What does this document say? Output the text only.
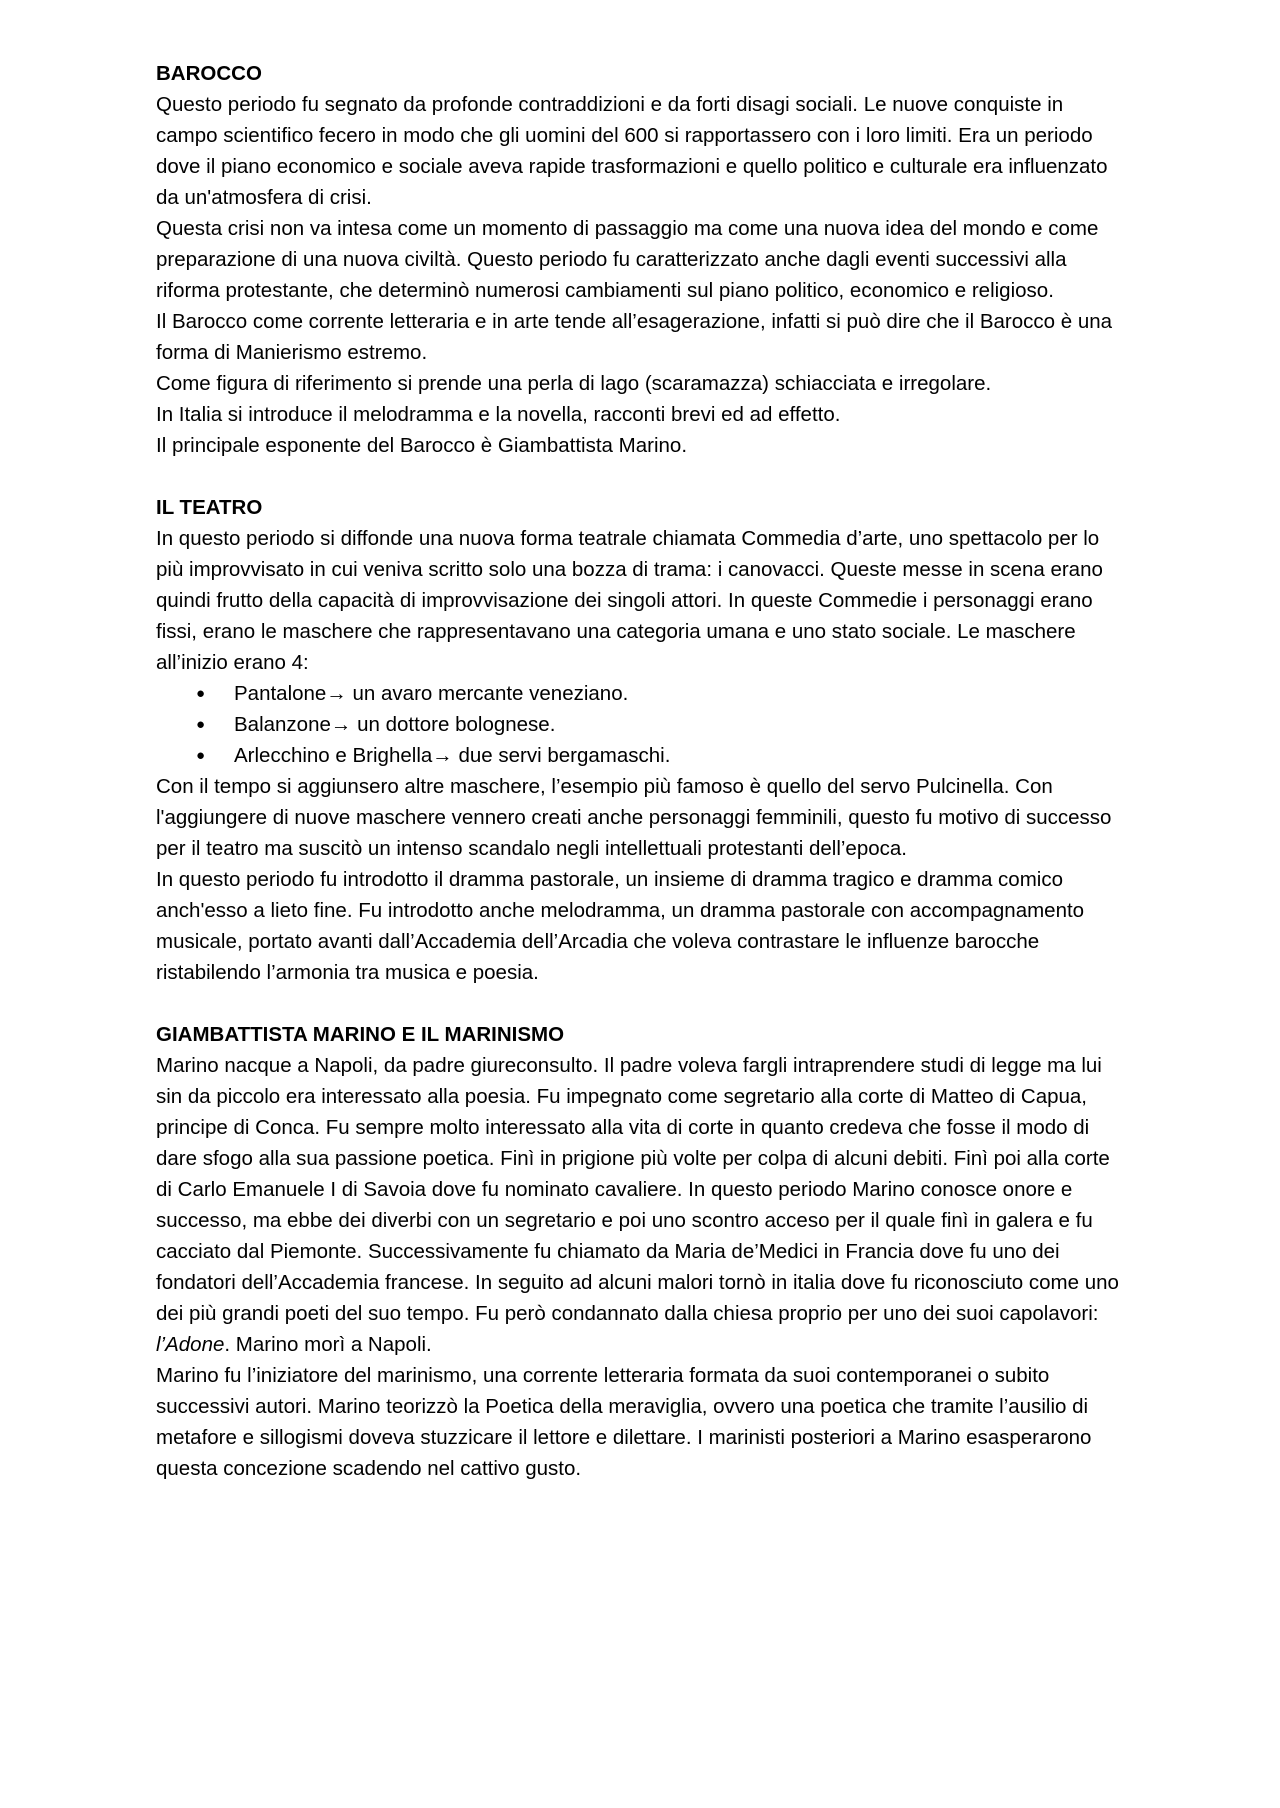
BAROCCO

Questo periodo fu segnato da profonde contraddizioni e da forti disagi sociali. Le nuove conquiste in campo scientifico fecero in modo che gli uomini del 600 si rapportassero con i loro limiti. Era un periodo dove il piano economico e sociale aveva rapide trasformazioni e quello politico e culturale era influenzato da un'atmosfera di crisi.

Questa crisi non va intesa come un momento di passaggio ma come una nuova idea del mondo e come preparazione di una nuova civiltà. Questo periodo fu caratterizzato anche dagli eventi successivi alla riforma protestante, che determinò numerosi cambiamenti sul piano politico, economico e religioso.

Il Barocco come corrente letteraria e in arte tende all’esagerazione, infatti si può dire che il Barocco è una forma di Manierismo estremo.

Come figura di riferimento si prende una perla di lago (scaramazza) schiacciata e irregolare.

In Italia si introduce il melodramma e la novella, racconti brevi ed ad effetto.

Il principale esponente del Barocco è Giambattista Marino.

IL TEATRO

In questo periodo si diffonde una nuova forma teatrale chiamata Commedia d’arte, uno spettacolo per lo più improvvisato in cui veniva scritto solo una bozza di trama: i canovacci. Queste messe in scena erano quindi frutto della capacità di improvvisazione dei singoli attori. In queste Commedie i personaggi erano fissi, erano le maschere che rappresentavano una categoria umana e uno stato sociale. Le maschere all’inizio erano 4:

● Pantalone→ un avaro mercante veneziano.
● Balanzone→ un dottore bolognese.
● Arlecchino e Brighella→ due servi bergamaschi.

Con il tempo si aggiunsero altre maschere, l’esempio più famoso è quello del servo Pulcinella. Con l'aggiungere di nuove maschere vennero creati anche personaggi femminili, questo fu motivo di successo per il teatro ma suscitò un intenso scandalo negli intellettuali protestanti dell’epoca.

In questo periodo fu introdotto il dramma pastorale, un insieme di dramma tragico e dramma comico anch'esso a lieto fine. Fu introdotto anche melodramma, un dramma pastorale con accompagnamento musicale, portato avanti dall’Accademia dell’Arcadia che voleva contrastare le influenze barocche ristabilendo l’armonia tra musica e poesia.

GIAMBATTISTA MARINO E IL MARINISMO

Marino nacque a Napoli, da padre giureconsulto. Il padre voleva fargli intraprendere studi di legge ma lui sin da piccolo era interessato alla poesia. Fu impegnato come segretario alla corte di Matteo di Capua, principe di Conca. Fu sempre molto interessato alla vita di corte in quanto credeva che fosse il modo di dare sfogo alla sua passione poetica. Finì in prigione più volte per colpa di alcuni debiti. Finì poi alla corte di Carlo Emanuele I di Savoia dove fu nominato cavaliere. In questo periodo Marino conosce onore e successo, ma ebbe dei diverbi con un segretario e poi uno scontro acceso per il quale finì in galera e fu cacciato dal Piemonte. Successivamente fu chiamato da Maria de’Medici in Francia dove fu uno dei fondatori dell’Accademia francese. In seguito ad alcuni malori tornò in italia dove fu riconosciuto come uno dei più grandi poeti del suo tempo. Fu però condannato dalla chiesa proprio per uno dei suoi capolavori: l’Adone. Marino morì a Napoli.

Marino fu l’iniziatore del marinismo, una corrente letteraria formata da suoi contemporanei o subito successivi autori. Marino teorizzò la Poetica della meraviglia, ovvero una poetica che tramite l’ausilio di metafore e sillogismi doveva stuzzicare il lettore e dilettare. I marinisti posteriori a Marino esasperarono questa concezione scadendo nel cattivo gusto.
